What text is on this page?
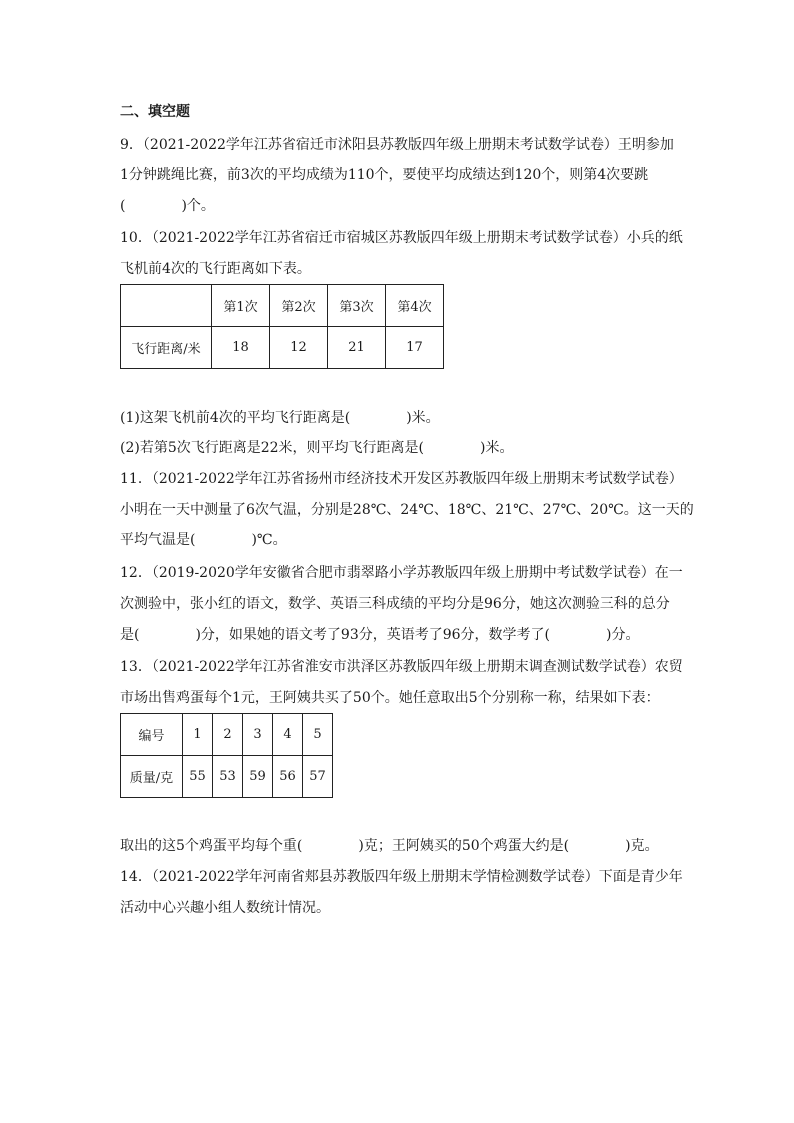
二、填空题
9．（2021-2022学年江苏省宿迁市沭阳县苏教版四年级上册期末考试数学试卷）王明参加
1分钟跳绳比赛，前3次的平均成绩为110个，要使平均成绩达到120个，则第4次要跳
(　　　　)个。
10．（2021-2022学年江苏省宿迁市宿城区苏教版四年级上册期末考试数学试卷）小兵的纸
飞机前4次的飞行距离如下表。
	第1次	第2次	第3次	第4次
飞行距离/米	18	12	21	17
(1)这架飞机前4次的平均飞行距离是(　　　　)米。
(2)若第5次飞行距离是22米，则平均飞行距离是(　　　　)米。
11．（2021-2022学年江苏省扬州市经济技术开发区苏教版四年级上册期末考试数学试卷）
小明在一天中测量了6次气温，分别是28℃、24℃、18℃、21℃、27℃、20℃。这一天的
平均气温是(　　　　)℃。
12．（2019-2020学年安徽省合肥市翡翠路小学苏教版四年级上册期中考试数学试卷）在一
次测验中，张小红的语文，数学、英语三科成绩的平均分是96分，她这次测验三科的总分
是(　　　　)分，如果她的语文考了93分，英语考了96分，数学考了(　　　　)分。
13．（2021-2022学年江苏省淮安市洪泽区苏教版四年级上册期末调查测试数学试卷）农贸
市场出售鸡蛋每个1元，王阿姨共买了50个。她任意取出5个分别称一称，结果如下表：
编号	1	2	3	4	5
质量/克	55	53	59	56	57
取出的这5个鸡蛋平均每个重(　　　　)克；王阿姨买的50个鸡蛋大约是(　　　　)克。
14．（2021-2022学年河南省郏县苏教版四年级上册期末学情检测数学试卷）下面是青少年
活动中心兴趣小组人数统计情况。
